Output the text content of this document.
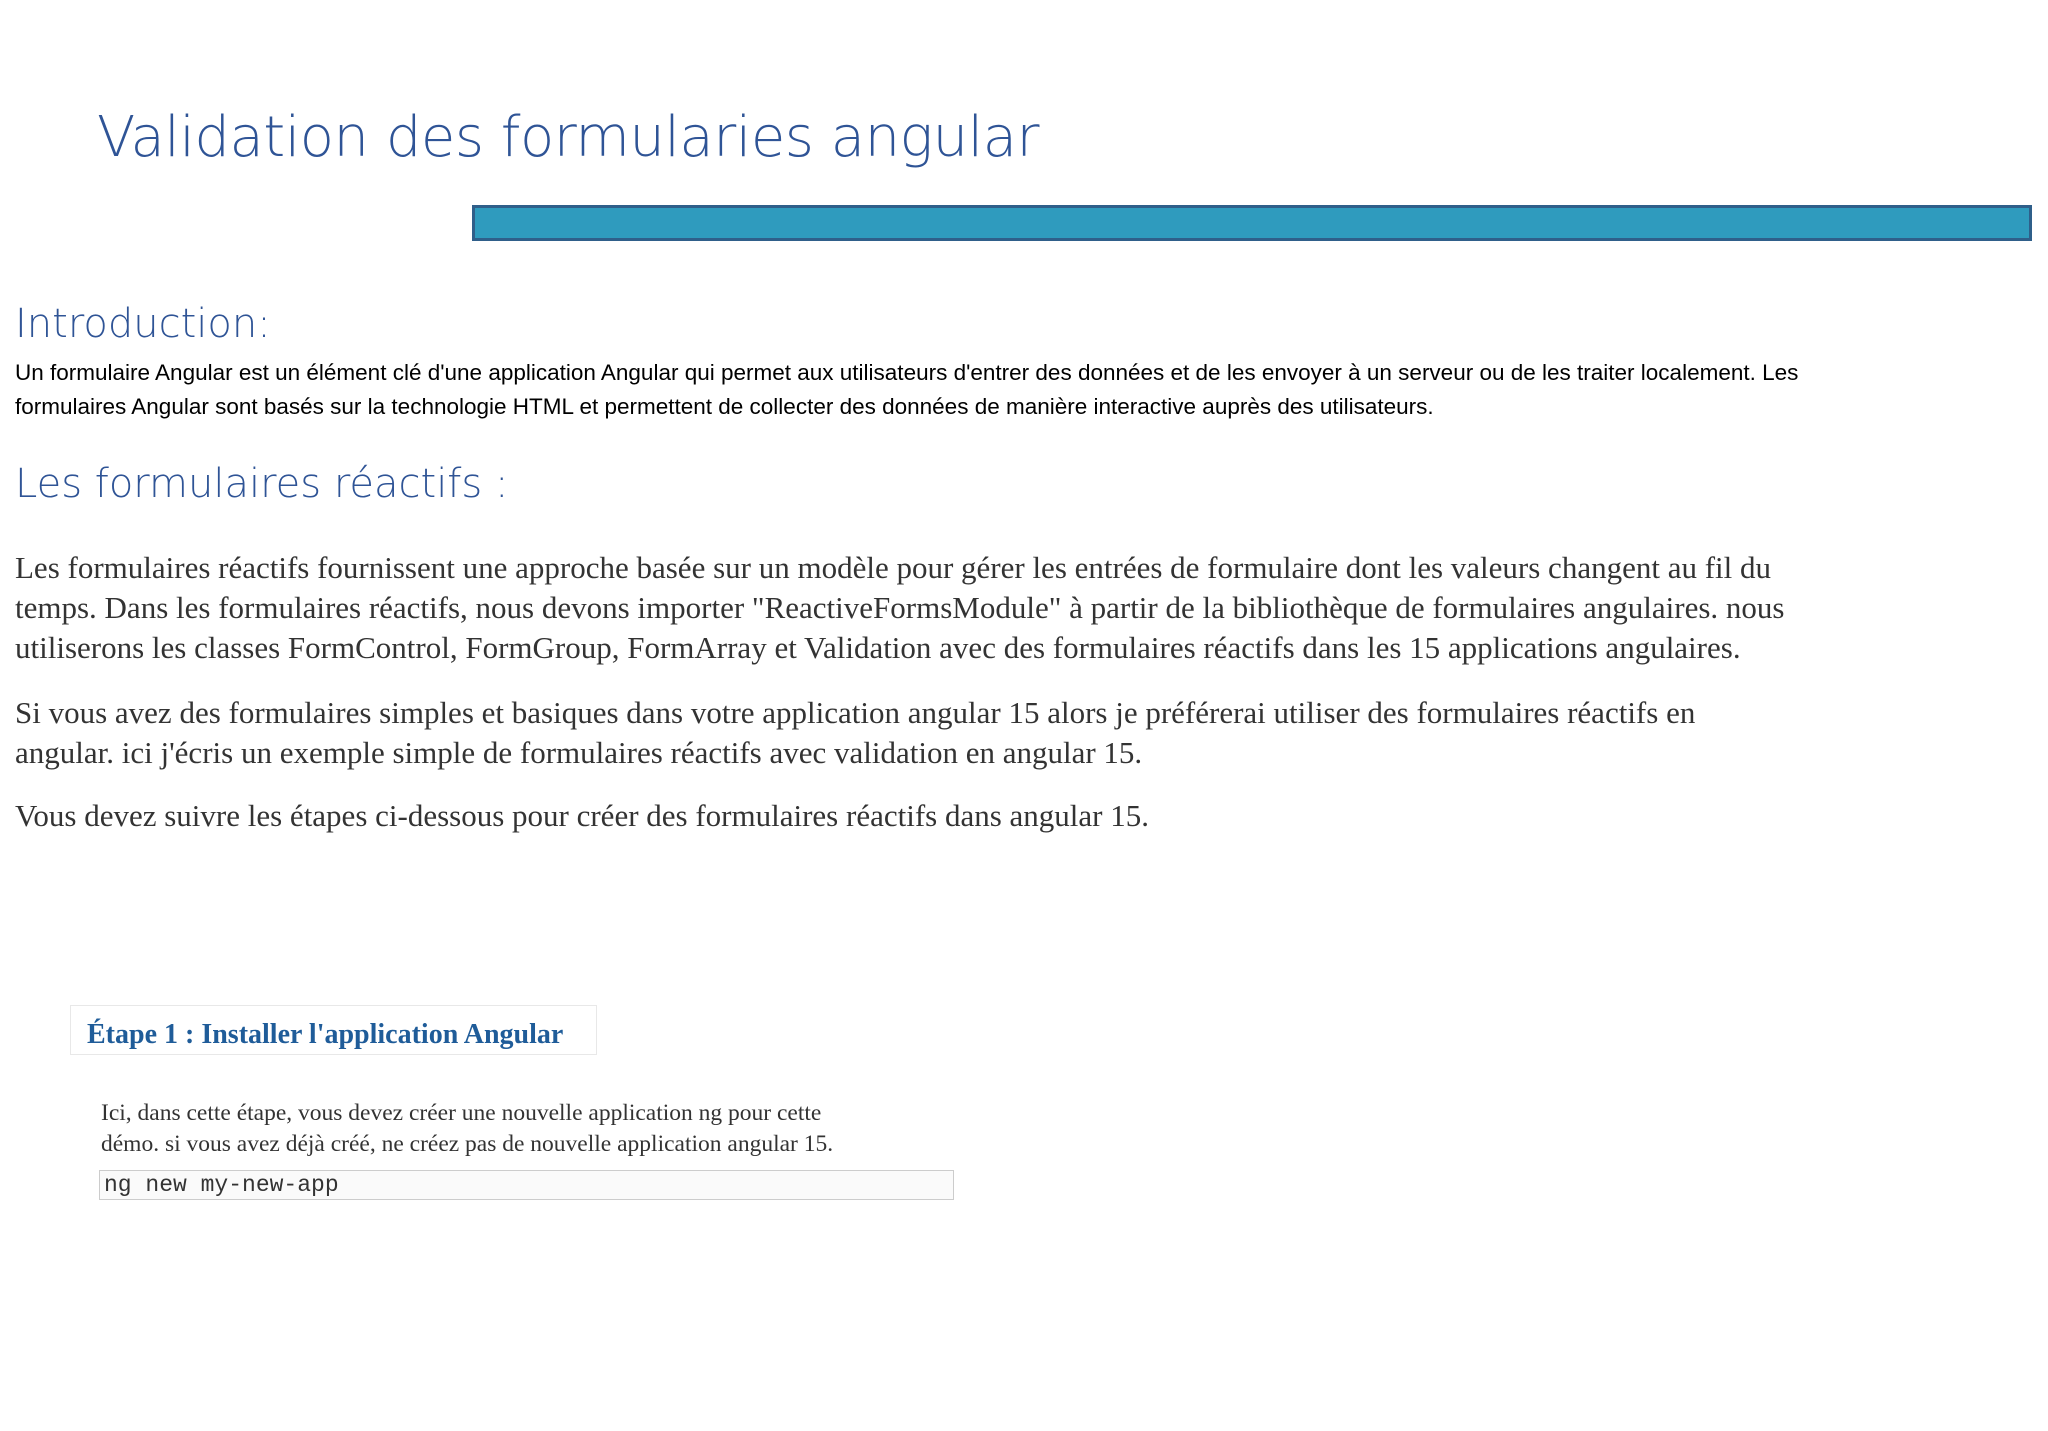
Validation des formularies angular
Introduction:

Un formulaire Angular est un élément clé d'une application Angular qui permet aux utilisateurs d'entrer des données et de les envoyer à un serveur ou de les traiter localement. Les
formulaires Angular sont basés sur la technologie HTML et permettent de collecter des données de manière interactive auprès des utilisateurs.

Les formulaires réactifs :

Les formulaires réactifs fournissent une approche basée sur un modèle pour gérer les entrées de formulaire dont les valeurs changent au fil du
temps. Dans les formulaires réactifs, nous devons importer "ReactiveFormsModule" à partir de la bibliothèque de formulaires angulaires. nous
utiliserons les classes FormControl, FormGroup, FormArray et Validation avec des formulaires réactifs dans les 15 applications angulaires.

Si vous avez des formulaires simples et basiques dans votre application angular 15 alors je préférerai utiliser des formulaires réactifs en
angular. ici j'écris un exemple simple de formulaires réactifs avec validation en angular 15.

Vous devez suivre les étapes ci-dessous pour créer des formulaires réactifs dans angular 15.

Étape 1 : Installer l'application Angular

Ici, dans cette étape, vous devez créer une nouvelle application ng pour cette
démo. si vous avez déjà créé, ne créez pas de nouvelle application angular 15.

ng new my-new-app
